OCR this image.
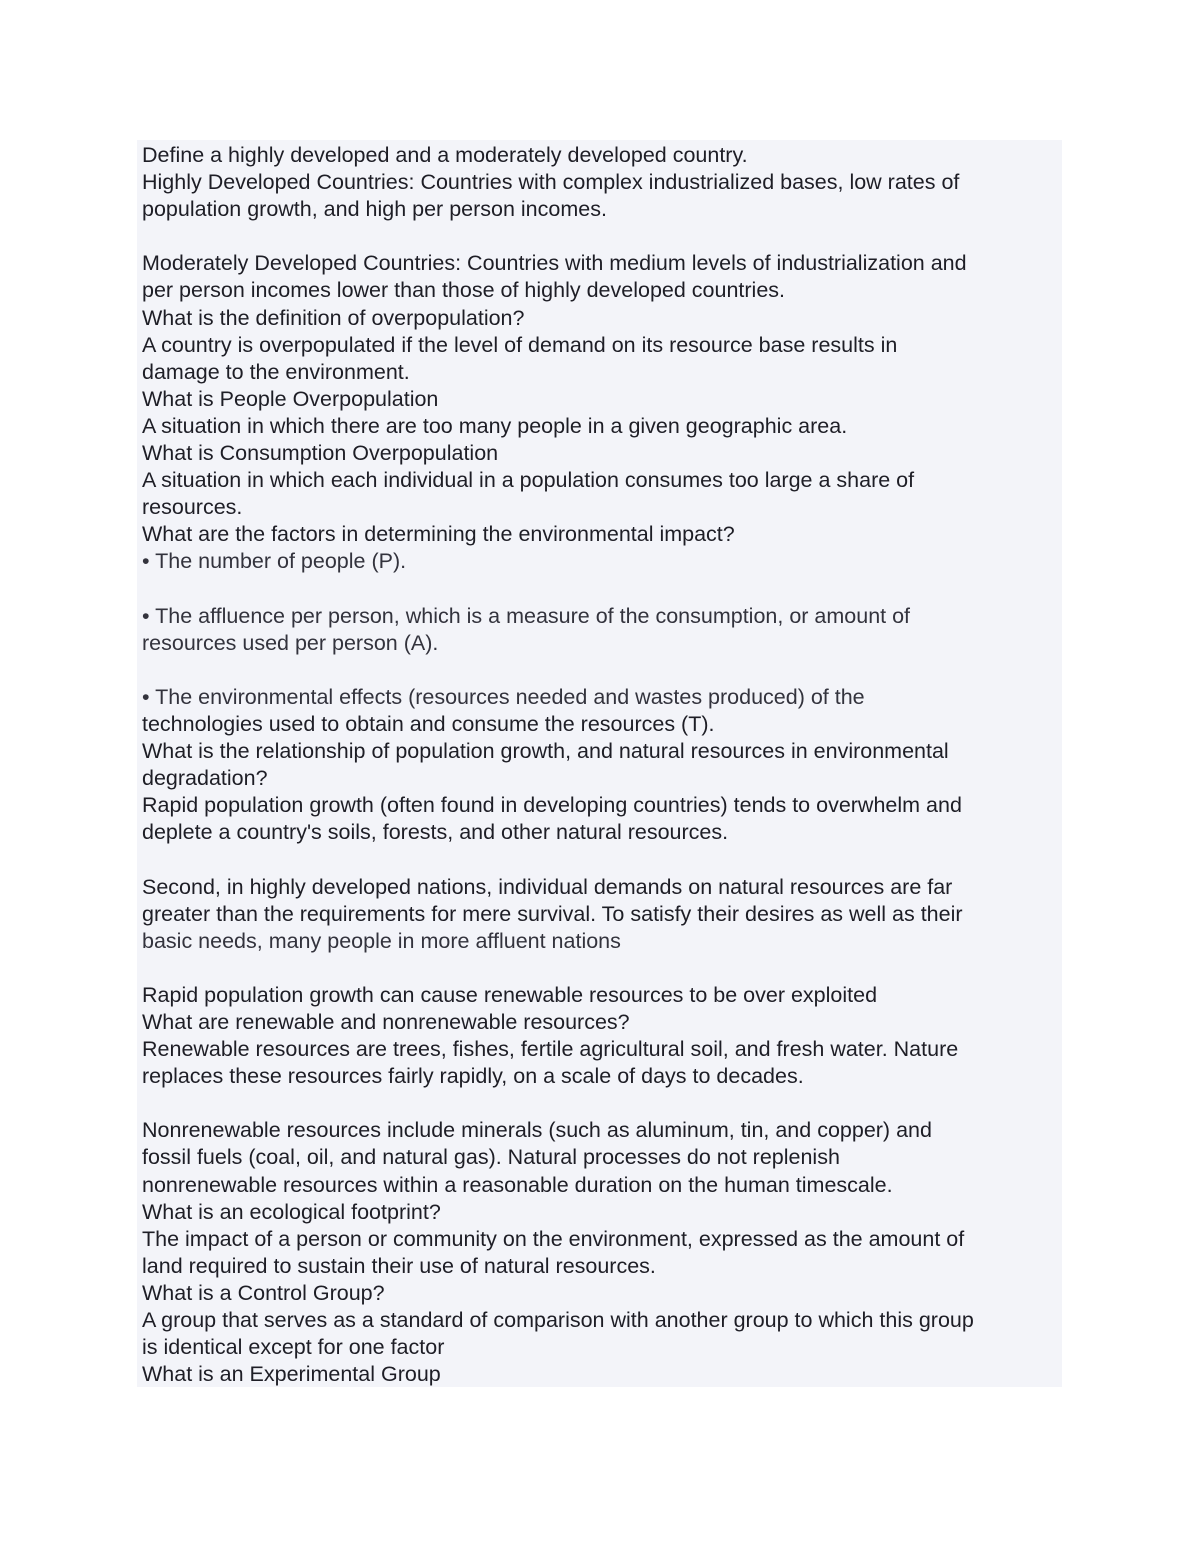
Define a highly developed and a moderately developed country.

Highly Developed Countries: Countries with complex industrialized bases, low rates of

population growth, and high per person incomes.

Moderately Developed Countries: Countries with medium levels of industrialization and

per person incomes lower than those of highly developed countries.

What is the definition of overpopulation?

A country is overpopulated if the level of demand on its resource base results in

damage to the environment.

What is People Overpopulation

A situation in which there are too many people in a given geographic area.

What is Consumption Overpopulation

A situation in which each individual in a population consumes too large a share of

resources.

What are the factors in determining the environmental impact?

• The number of people (P).

• The affluence per person, which is a measure of the consumption, or amount of

resources used per person (A).

• The environmental effects (resources needed and wastes produced) of the

technologies used to obtain and consume the resources (T).

What is the relationship of population growth, and natural resources in environmental

degradation?

Rapid population growth (often found in developing countries) tends to overwhelm and

deplete a country's soils, forests, and other natural resources.

Second, in highly developed nations, individual demands on natural resources are far

greater than the requirements for mere survival. To satisfy their desires as well as their

basic needs, many people in more affluent nations

Rapid population growth can cause renewable resources to be over exploited

What are renewable and nonrenewable resources?

Renewable resources are trees, fishes, fertile agricultural soil, and fresh water. Nature

replaces these resources fairly rapidly, on a scale of days to decades.

Nonrenewable resources include minerals (such as aluminum, tin, and copper) and

fossil fuels (coal, oil, and natural gas). Natural processes do not replenish

nonrenewable resources within a reasonable duration on the human timescale.

What is an ecological footprint?

The impact of a person or community on the environment, expressed as the amount of

land required to sustain their use of natural resources.

What is a Control Group?

A group that serves as a standard of comparison with another group to which this group

is identical except for one factor

What is an Experimental Group
